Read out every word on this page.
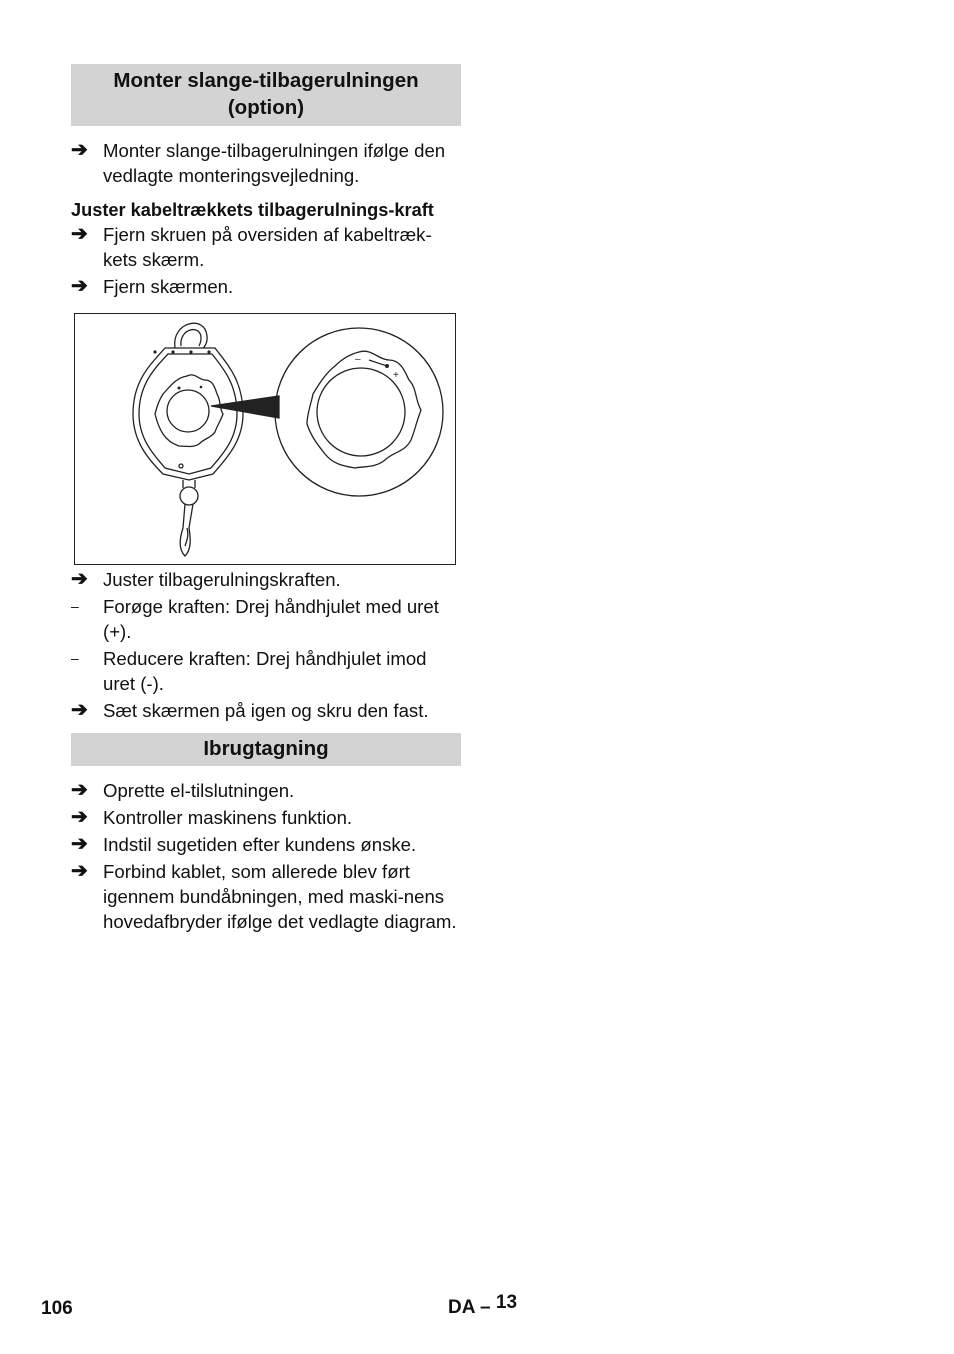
Monter slange-tilbagerulningen (option)
➔ Monter slange-tilbagerulningen ifølge den vedlagte monteringsvejledning.
Juster kabeltrækkets tilbagerulnings-kraft
➔ Fjern skruen på oversiden af kabeltræk-kets skærm.
➔ Fjern skærmen.
–
+
➔ Juster tilbagerulningskraften.
–	Forøge kraften: Drej håndhjulet med uret (+).
–	Reducere kraften: Drej håndhjulet imod uret (-).
➔ Sæt skærmen på igen og skru den fast.
Ibrugtagning
➔ Oprette el-tilslutningen.
➔ Kontroller maskinens funktion.
➔ Indstil sugetiden efter kundens ønske.
➔ Forbind kablet, som allerede blev ført igennem bundåbningen, med maski-nens hovedafbryder ifølge det vedlagte diagram.
106	DA – 13
